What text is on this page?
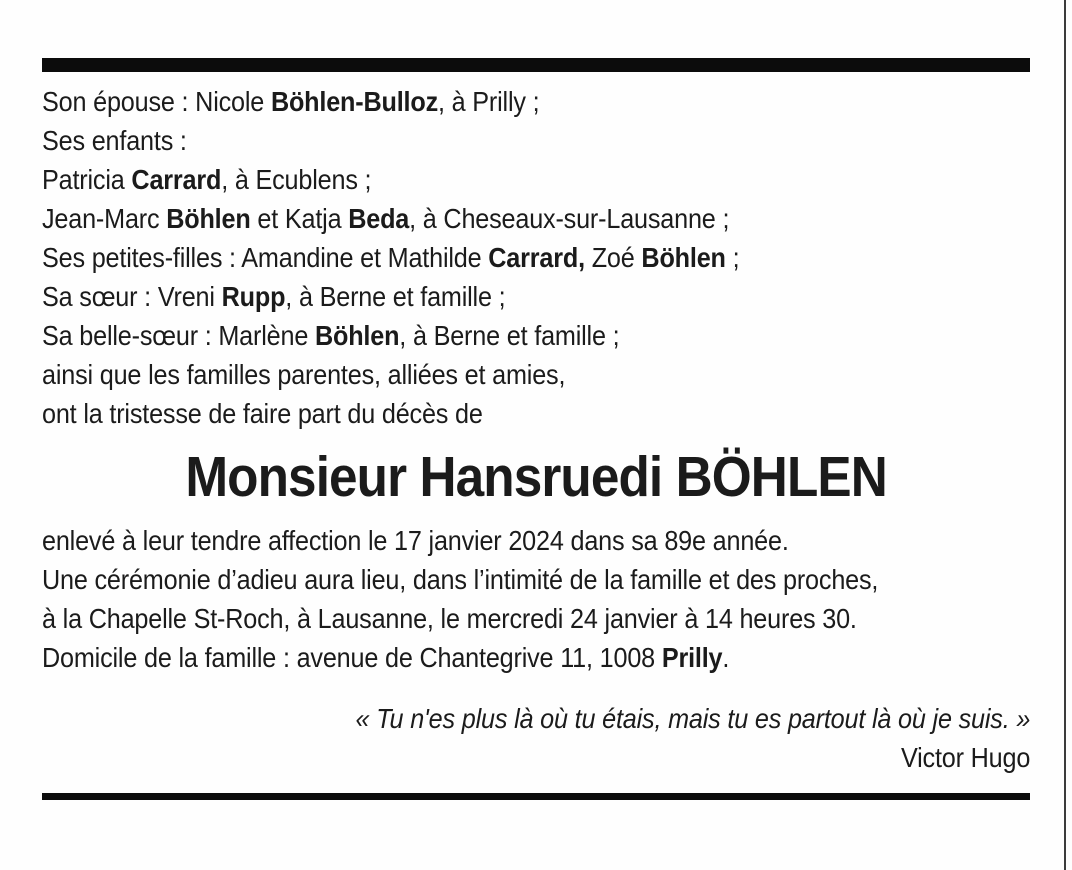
Son épouse : Nicole Böhlen-Bulloz, à Prilly ;
Ses enfants :
Patricia Carrard, à Ecublens ;
Jean-Marc Böhlen et Katja Beda, à Cheseaux-sur-Lausanne ;
Ses petites-filles : Amandine et Mathilde Carrard, Zoé Böhlen ;
Sa sœur : Vreni Rupp, à Berne et famille ;
Sa belle-sœur : Marlène Böhlen, à Berne et famille ;
ainsi que les familles parentes, alliées et amies,
ont la tristesse de faire part du décès de
Monsieur Hansruedi BÖHLEN
enlevé à leur tendre affection le 17 janvier 2024 dans sa 89e année.
Une cérémonie d’adieu aura lieu, dans l’intimité de la famille et des proches,
à la Chapelle St-Roch, à Lausanne, le mercredi 24 janvier à 14 heures 30.
Domicile de la famille : avenue de Chantegrive 11, 1008 Prilly.
« Tu n'es plus là où tu étais, mais tu es partout là où je suis. »
Victor Hugo
